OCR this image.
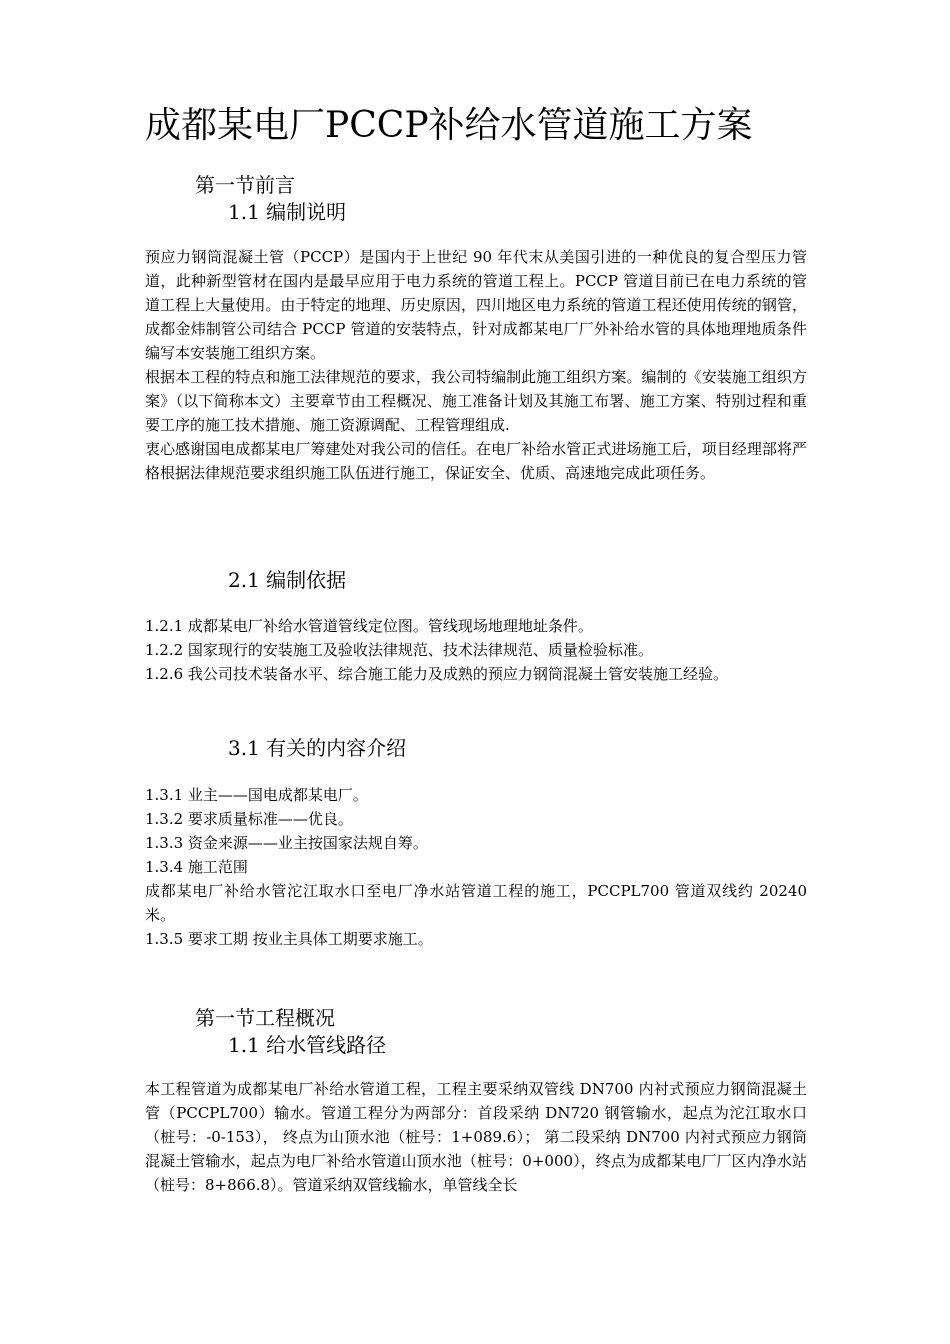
成都某电厂PCCP补给水管道施工方案
第一节前言
1.1 编制说明

预应力钢筒混凝土管（PCCP）是国内于上世纪 90 年代末从美国引进的一种优良的复合型压力管道，此种新型管材在国内是最早应用于电力系统的管道工程上。PCCP 管道目前已在电力系统的管道工程上大量使用。由于特定的地理、历史原因，四川地区电力系统的管道工程还使用传统的钢管，成都金炜制管公司结合 PCCP 管道的安装特点，针对成都某电厂厂外补给水管的具体地理地质条件编写本安装施工组织方案。

根据本工程的特点和施工法律规范的要求，我公司特编制此施工组织方案。编制的《安装施工组织方案》（以下简称本文）主要章节由工程概况、施工准备计划及其施工布署、施工方案、特别过程和重要工序的施工技术措施、施工资源调配、工程管理组成.

衷心感谢国电成都某电厂筹建处对我公司的信任。在电厂补给水管正式进场施工后，项目经理部将严格根据法律规范要求组织施工队伍进行施工，保证安全、优质、高速地完成此项任务。

2.1 编制依据

1.2.1 成都某电厂补给水管道管线定位图。管线现场地理地址条件。

1.2.2 国家现行的安装施工及验收法律规范、技术法律规范、质量检验标准。

1.2.6 我公司技术装备水平、综合施工能力及成熟的预应力钢筒混凝土管安装施工经验。

3.1 有关的内容介绍

1.3.1 业主——国电成都某电厂。

1.3.2 要求质量标准——优良。

1.3.3 资金来源——业主按国家法规自筹。

1.3.4 施工范围

成都某电厂补给水管沱江取水口至电厂净水站管道工程的施工，PCCPL700 管道双线约 20240 米。

1.3.5 要求工期 按业主具体工期要求施工。

第一节工程概况
1.1 给水管线路径

本工程管道为成都某电厂补给水管道工程，工程主要采纳双管线 DN700 内衬式预应力钢筒混凝土管（PCCPL700）输水。管道工程分为两部分：首段采纳 DN720 钢管输水，起点为沱江取水口（桩号：-0-153）， 终点为山顶水池（桩号：1+089.6）； 第二段采纳 DN700 内衬式预应力钢筒混凝土管输水，起点为电厂补给水管道山顶水池（桩号：0+000），终点为成都某电厂厂区内净水站（桩号：8+866.8）。管道采纳双管线输水，单管线全长
